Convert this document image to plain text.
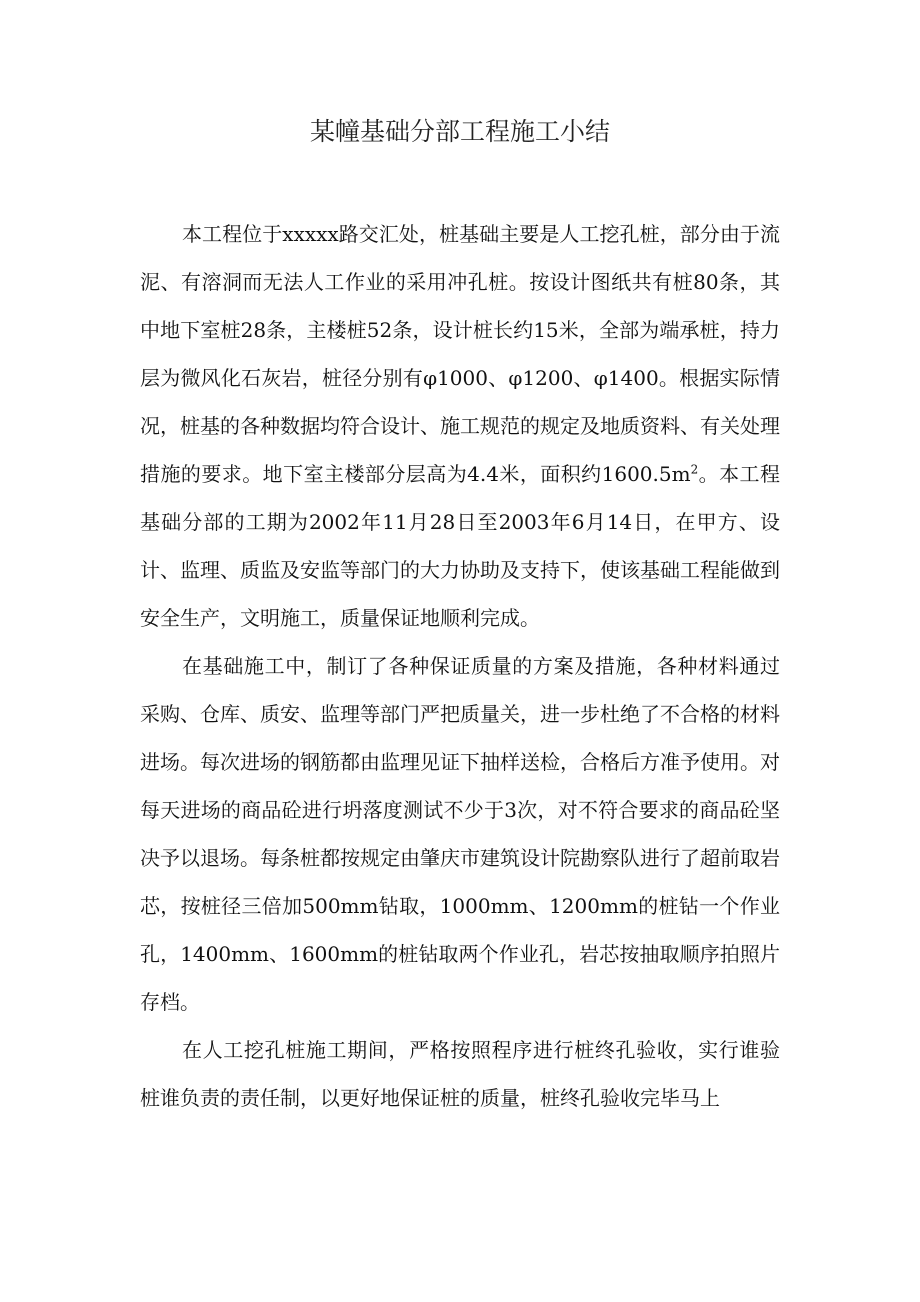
某幢基础分部工程施工小结

本工程位于xxxxx路交汇处，桩基础主要是人工挖孔桩，部分由于流泥、有溶洞而无法人工作业的采用冲孔桩。按设计图纸共有桩80条，其中地下室桩28条，主楼桩52条，设计桩长约15米，全部为端承桩，持力层为微风化石灰岩，桩径分别有φ1000、φ1200、φ1400。根据实际情况，桩基的各种数据均符合设计、施工规范的规定及地质资料、有关处理措施的要求。地下室主楼部分层高为4.4米，面积约$1600.5m^2$。本工程基础分部的工期为2002年11月28日至2003年6月14日，在甲方、设计、监理、质监及安监等部门的大力协助及支持下，使该基础工程能做到安全生产，文明施工，质量保证地顺利完成。

在基础施工中，制订了各种保证质量的方案及措施，各种材料通过采购、仓库、质安、监理等部门严把质量关，进一步杜绝了不合格的材料进场。每次进场的钢筋都由监理见证下抽样送检，合格后方准予使用。对每天进场的商品砼进行坍落度测试不少于3次，对不符合要求的商品砼坚决予以退场。每条桩都按规定由肇庆市建筑设计院勘察队进行了超前取岩芯，按桩径三倍加500mm钻取，1000mm、1200mm的桩钻一个作业孔，1400mm、1600mm的桩钻取两个作业孔，岩芯按抽取顺序拍照片存档。

在人工挖孔桩施工期间，严格按照程序进行桩终孔验收，实行谁验桩谁负责的责任制，以更好地保证桩的质量，桩终孔验收完毕马上
